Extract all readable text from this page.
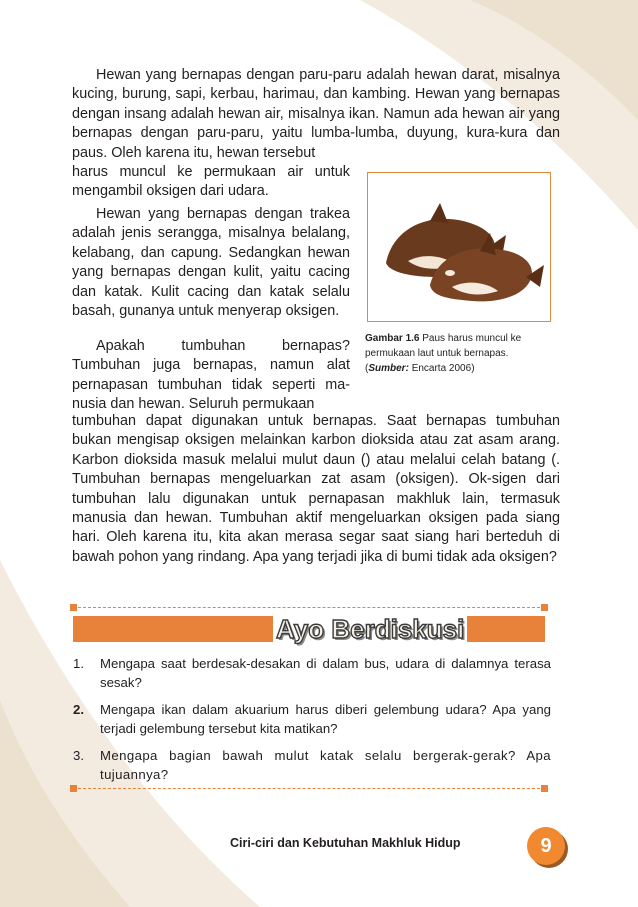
Hewan yang bernapas dengan paru-paru adalah hewan darat, misalnya kucing, burung, sapi, kerbau, harimau, dan kambing. Hewan yang bernapas dengan insang adalah hewan air, misalnya ikan. Namun ada hewan air yang bernapas dengan paru-paru, yaitu lumba-lumba, duyung, kura-kura dan paus. Oleh karena itu, hewan tersebut

harus muncul ke permukaan air untuk mengambil oksigen dari udara.

Hewan yang bernapas dengan trakea adalah jenis serangga, misalnya belalang, kelabang, dan capung. Sedangkan hewan yang bernapas dengan kulit, yaitu cacing dan katak. Kulit cacing dan katak selalu basah, gunanya untuk menyerap oksigen.

Apakah tumbuhan bernapas? Tumbuhan juga bernapas, namun alat pernapasan tumbuhan tidak seperti ma-nusia dan hewan. Seluruh permukaan

tumbuhan dapat digunakan untuk bernapas. Saat bernapas tumbuhan bukan mengisap oksigen melainkan karbon dioksida atau zat asam arang. Karbon dioksida masuk melalui mulut daun () atau melalui celah batang (. Tumbuhan bernapas mengeluarkan zat asam (oksigen). Ok-sigen dari tumbuhan lalu digunakan untuk pernapasan makhluk lain, termasuk manusia dan hewan. Tumbuhan aktif mengeluarkan oksigen pada siang hari. Oleh karena itu, kita akan merasa segar saat siang hari berteduh di bawah pohon yang rindang. Apa yang terjadi jika di bumi tidak ada oksigen?

Gambar 1.6 Paus harus muncul ke permukaan laut untuk bernapas.
(Sumber: Encarta 2006)
Ayo Berdiskusi
1. Mengapa saat berdesak-desakan di dalam bus, udara di dalamnya terasa sesak?
2. Mengapa ikan dalam akuarium harus diberi gelembung udara? Apa yang terjadi gelembung tersebut kita matikan?
3. Mengapa bagian bawah mulut katak selalu bergerak-gerak? Apa tujuannya?
Ciri-ciri dan Kebutuhan Makhluk Hidup	9
